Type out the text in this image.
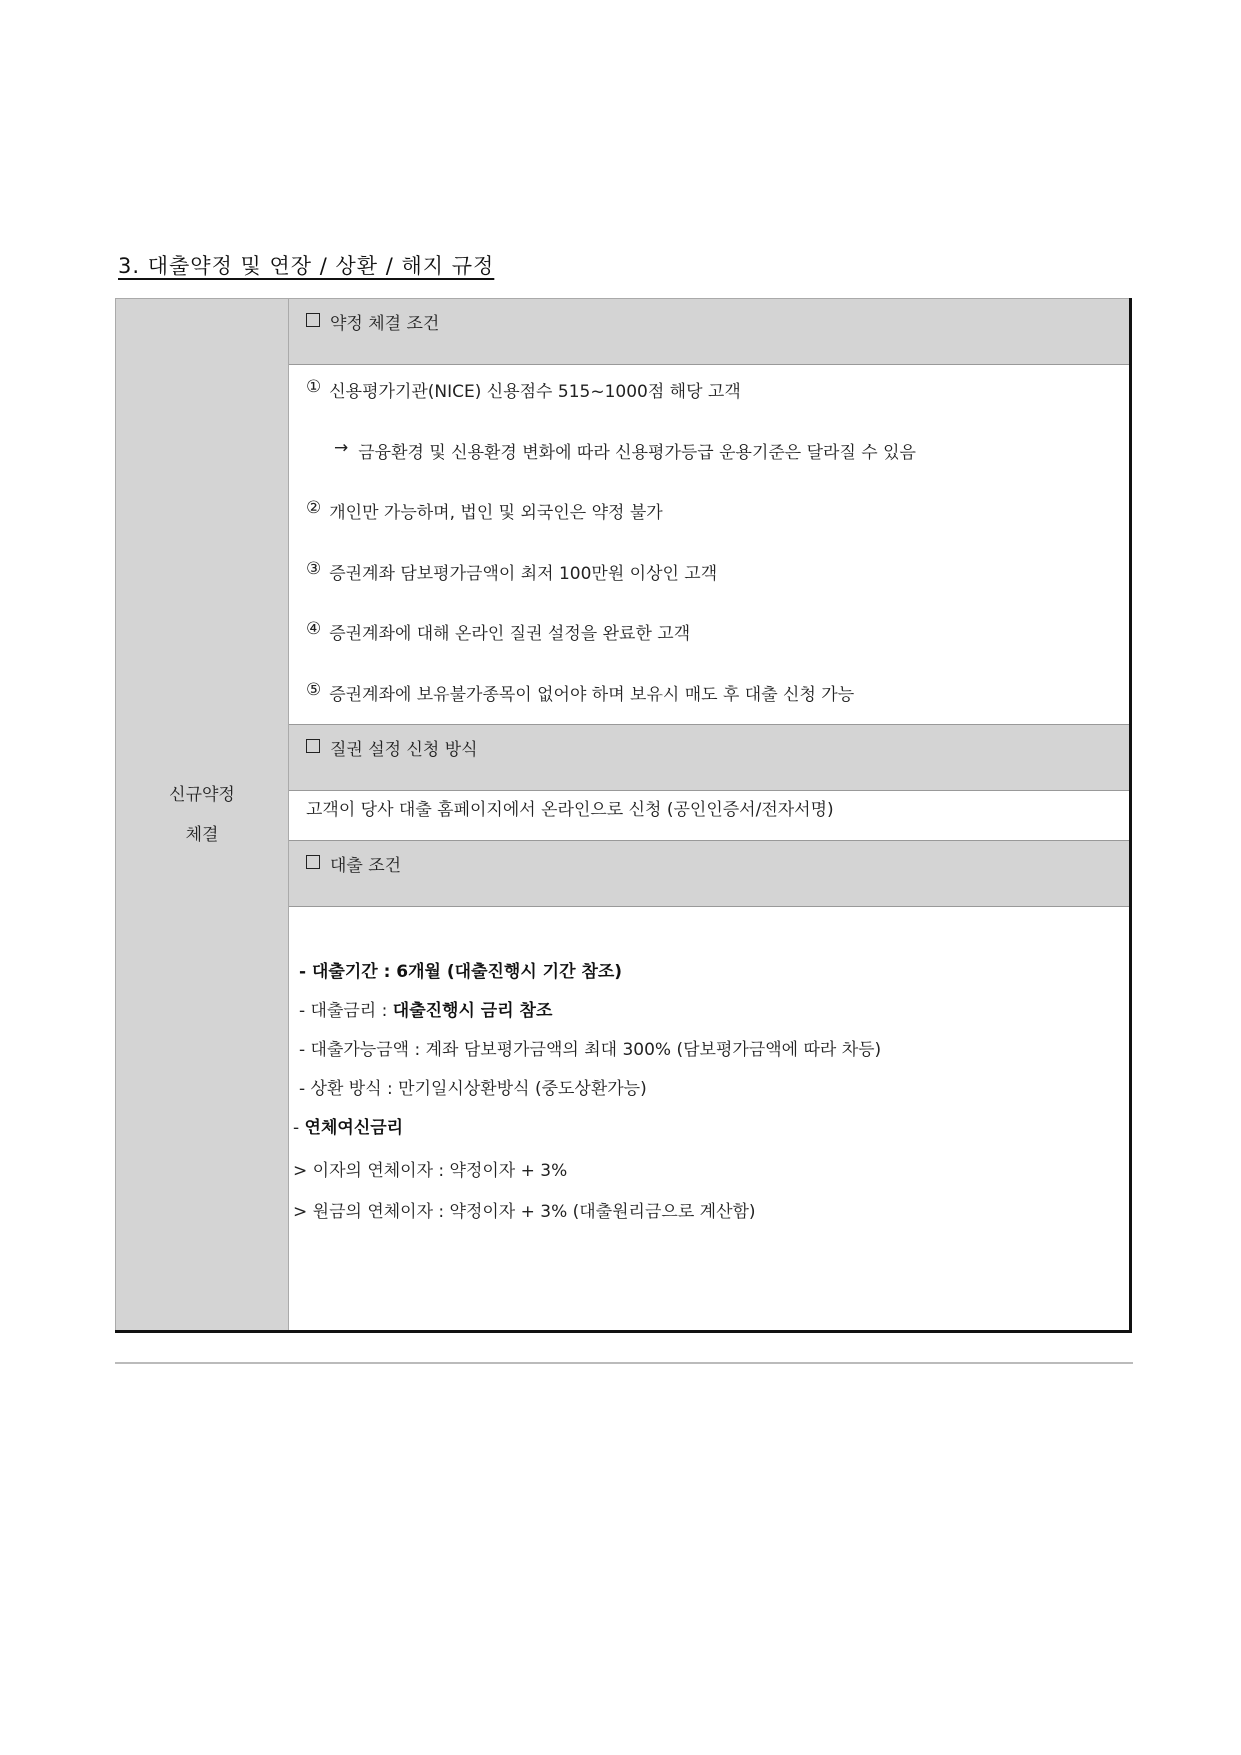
3. 대출약정 및 연장 / 상환 / 해지 규정
신규약정
체결

약정 체결 조건
① 신용평가기관(NICE) 신용점수 515~1000점 해당 고객
→ 금융환경 및 신용환경 변화에 따라 신용평가등급 운용기준은 달라질 수 있음
② 개인만 가능하며, 법인 및 외국인은 약정 불가
③ 증권계좌 담보평가금액이 최저 100만원 이상인 고객
④ 증권계좌에 대해 온라인 질권 설정을 완료한 고객
⑤ 증권계좌에 보유불가종목이 없어야 하며 보유시 매도 후 대출 신청 가능
질권 설정 신청 방식
고객이 당사 대출 홈페이지에서 온라인으로 신청 (공인인증서/전자서명)
대출 조건
- 대출기간 : 6개월 (대출진행시 기간 참조)
- 대출금리 : 대출진행시 금리 참조
- 대출가능금액 : 계좌 담보평가금액의 최대 300% (담보평가금액에 따라 차등)
- 상환 방식 : 만기일시상환방식 (중도상환가능)
- 연체여신금리
> 이자의 연체이자 : 약정이자 + 3%
> 원금의 연체이자 : 약정이자 + 3% (대출원리금으로 계산함)
